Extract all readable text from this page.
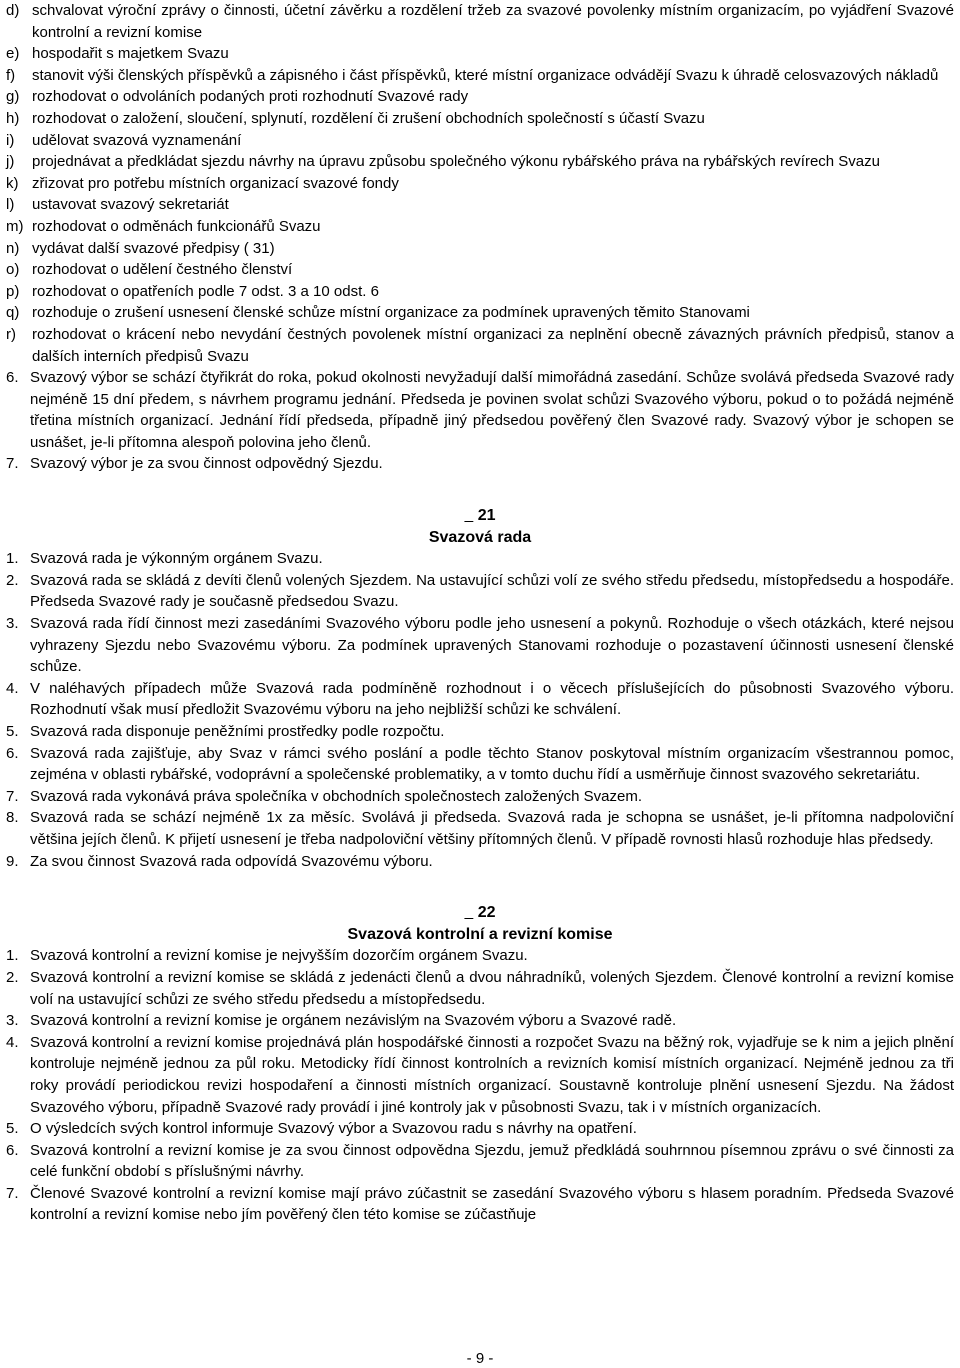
d) schvalovat výroční zprávy o činnosti, účetní závěrku a rozdělení tržeb za svazové povolenky místním organizacím, po vyjádření Svazové kontrolní a revizní komise
e) hospodařit s majetkem Svazu
f)	stanovit výši členských příspěvků a zápisného i část příspěvků, které místní organizace odvádějí Svazu k úhradě celosvazových nákladů
g) rozhodovat o odvoláních podaných proti rozhodnutí Svazové rady
h) rozhodovat o založení, sloučení, splynutí, rozdělení či zrušení obchodních společností s účastí Svazu
i)	udělovat svazová vyznamenání
j)	projednávat a předkládat sjezdu návrhy na úpravu způsobu společného výkonu rybářského práva na rybářských revírech Svazu
k) zřizovat pro potřebu místních organizací svazové fondy
l)	ustavovat svazový sekretariát
m) rozhodovat o odměnách funkcionářů Svazu
n) vydávat další svazové předpisy ( 31)
o) rozhodovat o udělení čestného členství
p) rozhodovat o opatřeních podle 7 odst. 3 a 10 odst. 6
q) rozhoduje o zrušení usnesení členské schůze místní organizace za podmínek upravených těmito Stanovami
r)	rozhodovat o krácení nebo nevydání čestných povolenek místní organizaci za neplnění obecně závazných právních předpisů, stanov a dalších interních předpisů Svazu
6. Svazový výbor se schází čtyřikrát do roka, pokud okolnosti nevyžadují další mimořádná zasedání. Schůze svolává předseda Svazové rady nejméně 15 dní předem, s návrhem programu jednání. Předseda je povinen svolat schůzi Svazového výboru, pokud o to požádá nejméně třetina místních organizací. Jednání řídí předseda, případně jiný předsedou pověřený člen Svazové rady. Svazový výbor je schopen se usnášet, je-li přítomna alespoň polovina jeho členů.
7. Svazový výbor je za svou činnost odpovědný Sjezdu.
21
Svazová rada
1. Svazová rada je výkonným orgánem Svazu.
2. Svazová rada se skládá z devíti členů volených Sjezdem. Na ustavující schůzi volí ze svého středu předsedu, místopředsedu a hospodáře. Předseda Svazové rady je současně předsedou Svazu.
3. Svazová rada řídí činnost mezi zasedáními Svazového výboru podle jeho usnesení a pokynů. Rozhoduje o všech otázkách, které nejsou vyhrazeny Sjezdu nebo Svazovému výboru. Za podmínek upravených Stanovami rozhoduje o pozastavení účinnosti usnesení členské schůze.
4. V naléhavých případech může Svazová rada podmíněně rozhodnout i o věcech příslušejících do působnosti Svazového výboru. Rozhodnutí však musí předložit Svazovému výboru na jeho nejbližší schůzi ke schválení.
5. Svazová rada disponuje peněžními prostředky podle rozpočtu.
6. Svazová rada zajišťuje, aby Svaz v rámci svého poslání a podle těchto Stanov poskytoval místním organizacím všestrannou pomoc, zejména v oblasti rybářské, vodoprávní a společenské problematiky, a v tomto duchu řídí a usměrňuje činnost svazového sekretariátu.
7. Svazová rada vykonává práva společníka v obchodních společnostech založených Svazem.
8. Svazová rada se schází nejméně 1x za měsíc. Svolává ji předseda. Svazová rada je schopna se usnášet, je-li přítomna nadpoloviční většina jejích členů. K přijetí usnesení je třeba nadpoloviční většiny přítomných členů. V případě rovnosti hlasů rozhoduje hlas předsedy.
9. Za svou činnost Svazová rada odpovídá Svazovému výboru.
22
Svazová kontrolní a revizní komise
1. Svazová kontrolní a revizní komise je nejvyšším dozorčím orgánem Svazu.
2. Svazová kontrolní a revizní komise se skládá z jedenácti členů a dvou náhradníků, volených Sjezdem. Členové kontrolní a revizní komise volí na ustavující schůzi ze svého středu předsedu a místopředsedu.
3. Svazová kontrolní a revizní komise je orgánem nezávislým na Svazovém výboru a Svazové radě.
4. Svazová kontrolní a revizní komise projednává plán hospodářské činnosti a rozpočet Svazu na běžný rok, vyjadřuje se k nim a jejich plnění kontroluje nejméně jednou za půl roku. Metodicky řídí činnost kontrolních a revizních komisí místních organizací. Nejméně jednou za tři roky provádí periodickou revizi hospodaření a činnosti místních organizací. Soustavně kontroluje plnění usnesení Sjezdu. Na žádost Svazového výboru, případně Svazové rady provádí i jiné kontroly jak v působnosti Svazu, tak i v místních organizacích.
5. O výsledcích svých kontrol informuje Svazový výbor a Svazovou radu s návrhy na opatření.
6. Svazová kontrolní a revizní komise je za svou činnost odpovědna Sjezdu, jemuž předkládá souhrnnou písemnou zprávu o své činnosti za celé funkční období s příslušnými návrhy.
7. Členové Svazové kontrolní a revizní komise mají právo zúčastnit se zasedání Svazového výboru s hlasem poradním. Předseda Svazové kontrolní a revizní komise nebo jím pověřený člen této komise se zúčastňuje
- 9 -
